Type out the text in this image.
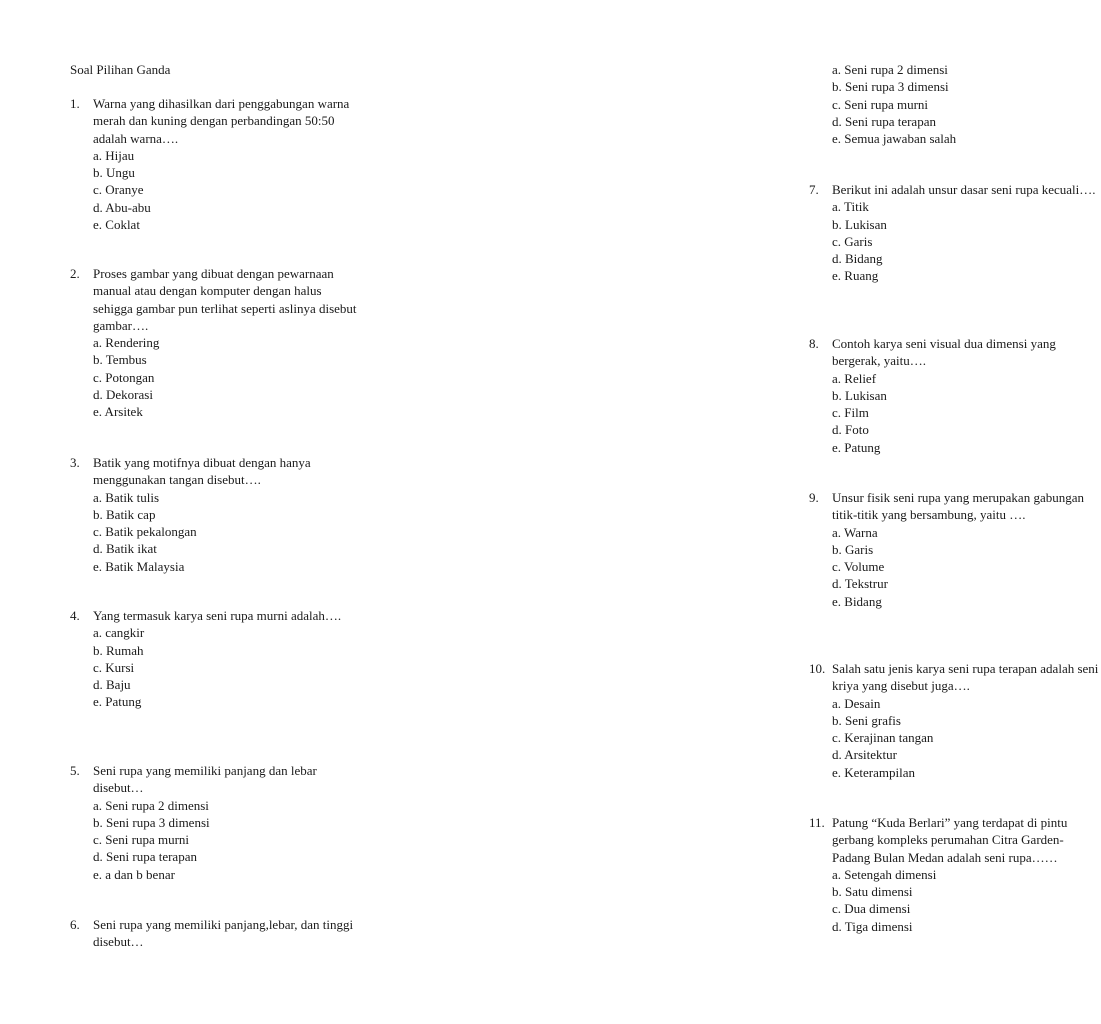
Soal Pilihan Ganda
1.	Warna yang dihasilkan dari penggabungan warna merah dan kuning dengan perbandingan 50:50 adalah warna….
a. Hijau
b. Ungu
c. Oranye
d. Abu-abu
e. Coklat
2.	Proses gambar yang dibuat dengan pewarnaan manual atau dengan komputer dengan halus sehigga gambar pun terlihat seperti aslinya disebut gambar….
a. Rendering
b. Tembus
c. Potongan
d. Dekorasi
e. Arsitek
3.	Batik yang motifnya dibuat dengan hanya menggunakan tangan disebut….
a. Batik tulis
b. Batik cap
c. Batik pekalongan
d. Batik ikat
e. Batik Malaysia
4.	Yang termasuk karya seni rupa murni adalah….
a. cangkir
b. Rumah
c. Kursi
d. Baju
e. Patung
5.	Seni rupa yang memiliki panjang dan lebar disebut…
a. Seni rupa 2 dimensi
b. Seni rupa 3 dimensi
c. Seni rupa murni
d. Seni rupa terapan
e. a dan b benar
6.	Seni rupa yang memiliki panjang,lebar, dan tinggi disebut…
a. Seni rupa 2 dimensi
b. Seni rupa 3 dimensi
c. Seni rupa murni
d. Seni rupa terapan
e. Semua jawaban salah
7.	Berikut ini adalah unsur dasar seni rupa kecuali….
a. Titik
b. Lukisan
c. Garis
d. Bidang
e. Ruang
8.	Contoh karya seni visual dua dimensi yang bergerak, yaitu….
a. Relief
b. Lukisan
c. Film
d. Foto
e. Patung
9.	Unsur fisik seni rupa yang merupakan gabungan titik-titik yang bersambung, yaitu ….
a. Warna
b. Garis
c. Volume
d. Tekstrur
e. Bidang
10. Salah satu jenis karya seni rupa terapan adalah seni kriya yang disebut juga….
a. Desain
b. Seni grafis
c. Kerajinan tangan
d. Arsitektur
e. Keterampilan
11. Patung “Kuda Berlari” yang terdapat di pintu gerbang kompleks perumahan Citra Garden-Padang Bulan Medan adalah seni rupa……
a. Setengah dimensi
b. Satu dimensi
c. Dua dimensi
d. Tiga dimensi
